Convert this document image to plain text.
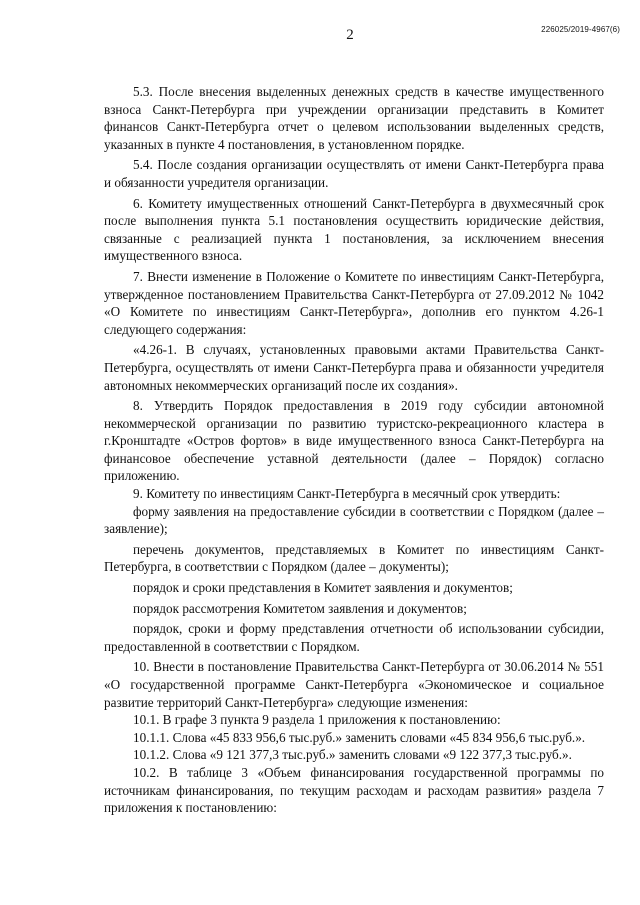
226025/2019-4967(6)
2

5.3. После внесения выделенных денежных средств в качестве имущественного взноса Санкт-Петербурга при учреждении организации представить в Комитет финансов Санкт-Петербурга отчет о целевом использовании выделенных средств, указанных в пункте 4 постановления, в установленном порядке.

5.4. После создания организации осуществлять от имени Санкт-Петербурга права и обязанности учредителя организации.

6. Комитету имущественных отношений Санкт-Петербурга в двухмесячный срок после выполнения пункта 5.1 постановления осуществить юридические действия, связанные с реализацией пункта 1 постановления, за исключением внесения имущественного взноса.

7. Внести изменение в Положение о Комитете по инвестициям Санкт-Петербурга, утвержденное постановлением Правительства Санкт-Петербурга от 27.09.2012 № 1042 «О Комитете по инвестициям Санкт-Петербурга», дополнив его пунктом 4.26-1 следующего содержания:

«4.26-1. В случаях, установленных правовыми актами Правительства Санкт-Петербурга, осуществлять от имени Санкт-Петербурга права и обязанности учредителя автономных некоммерческих организаций после их создания».

8. Утвердить Порядок предоставления в 2019 году субсидии автономной некоммерческой организации по развитию туристско-рекреационного кластера в г.Кронштадте «Остров фортов» в виде имущественного взноса Санкт-Петербурга на финансовое обеспечение уставной деятельности (далее – Порядок) согласно приложению.

9. Комитету по инвестициям Санкт-Петербурга в месячный срок утвердить:

форму заявления на предоставление субсидии в соответствии с Порядком (далее – заявление);

перечень документов, представляемых в Комитет по инвестициям Санкт-Петербурга, в соответствии с Порядком (далее – документы);

порядок и сроки представления в Комитет заявления и документов;

порядок рассмотрения Комитетом заявления и документов;

порядок, сроки и форму представления отчетности об использовании субсидии, предоставленной в соответствии с Порядком.

10. Внести в постановление Правительства Санкт-Петербурга от 30.06.2014 № 551 «О государственной программе Санкт-Петербурга «Экономическое и социальное развитие территорий Санкт-Петербурга» следующие изменения:

10.1. В графе 3 пункта 9 раздела 1 приложения к постановлению:

10.1.1. Слова «45 833 956,6 тыс.руб.» заменить словами «45 834 956,6 тыс.руб.».

10.1.2. Слова «9 121 377,3 тыс.руб.» заменить словами «9 122 377,3 тыс.руб.».

10.2. В таблице 3 «Объем финансирования государственной программы по источникам финансирования, по текущим расходам и расходам развития» раздела 7 приложения к постановлению:
